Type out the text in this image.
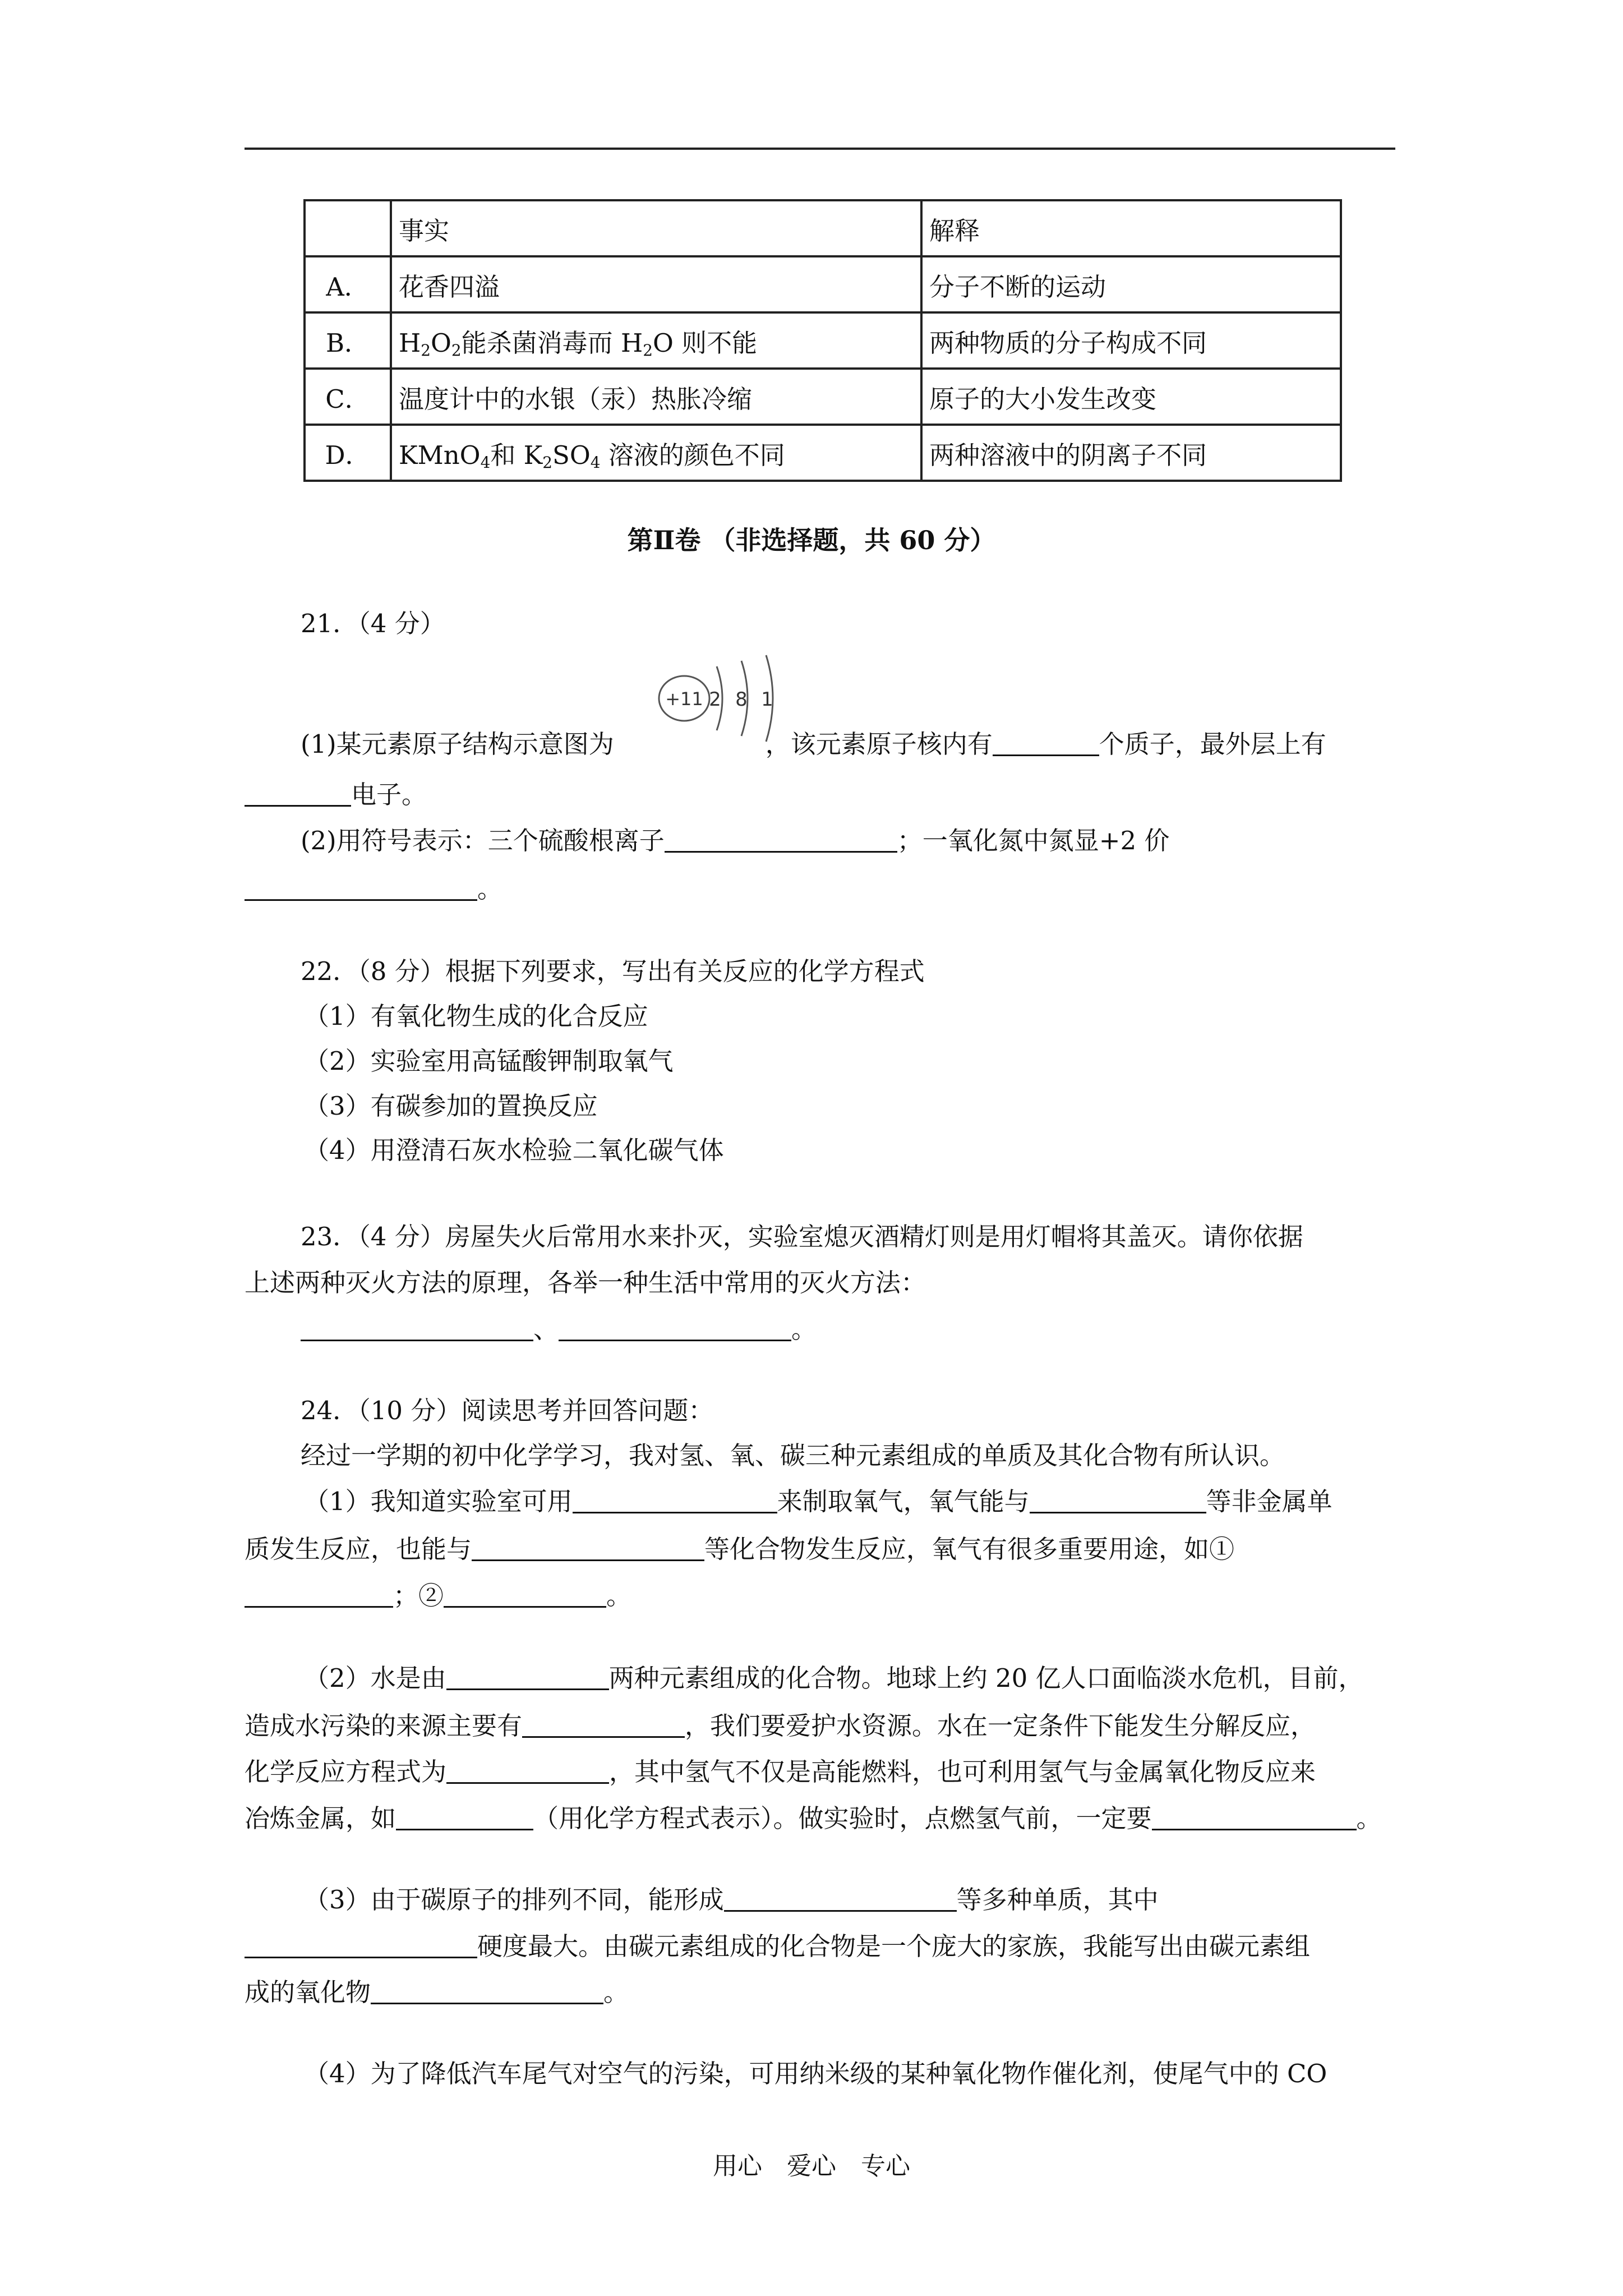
	事实	解释
A．	花香四溢	分子不断的运动
B．	$H_2O_2$能杀菌消毒而 $H_2O$ 则不能	两种物质的分子构成不同
C．	温度计中的水银（汞）热胀冷缩	原子的大小发生改变
D．	KMnO$_4$和 $K_2SO_4$ 溶液的颜色不同	两种溶液中的阴离子不同
第Ⅱ卷 （非选择题，共 60 分）
21．（4 分）
+11 2 8 1
(1)某元素原子结构示意图为	，该元素原子核内有	个质子，最外层上有
电子。
(2)用符号表示：三个硫酸根离子	；一氧化氮中氮显+2 价
。
22．（8 分）根据下列要求，写出有关反应的化学方程式
（1）有氧化物生成的化合反应
（2）实验室用高锰酸钾制取氧气
（3）有碳参加的置换反应
（4）用澄清石灰水检验二氧化碳气体
23．（4 分）房屋失火后常用水来扑灭，实验室熄灭酒精灯则是用灯帽将其盖灭。请你依据
上述两种灭火方法的原理，各举一种生活中常用的灭火方法：
、	。
24．（10 分）阅读思考并回答问题：
经过一学期的初中化学学习，我对氢、氧、碳三种元素组成的单质及其化合物有所认识。
（1）我知道实验室可用	来制取氧气，氧气能与	等非金属单
质发生反应，也能与	等化合物发生反应，氧气有很多重要用途，如①
；②	。
（2）水是由	两种元素组成的化合物。地球上约 20 亿人口面临淡水危机，目前，
造成水污染的来源主要有	，我们要爱护水资源。水在一定条件下能发生分解反应，
化学反应方程式为	，其中氢气不仅是高能燃料，也可利用氢气与金属氧化物反应来
冶炼金属，如	（用化学方程式表示）。做实验时，点燃氢气前，一定要	。
（3）由于碳原子的排列不同，能形成	等多种单质，其中
硬度最大。由碳元素组成的化合物是一个庞大的家族，我能写出由碳元素组
成的氧化物	。
（4）为了降低汽车尾气对空气的污染，可用纳米级的某种氧化物作催化剂，使尾气中的 CO
用心　爱心　专心
